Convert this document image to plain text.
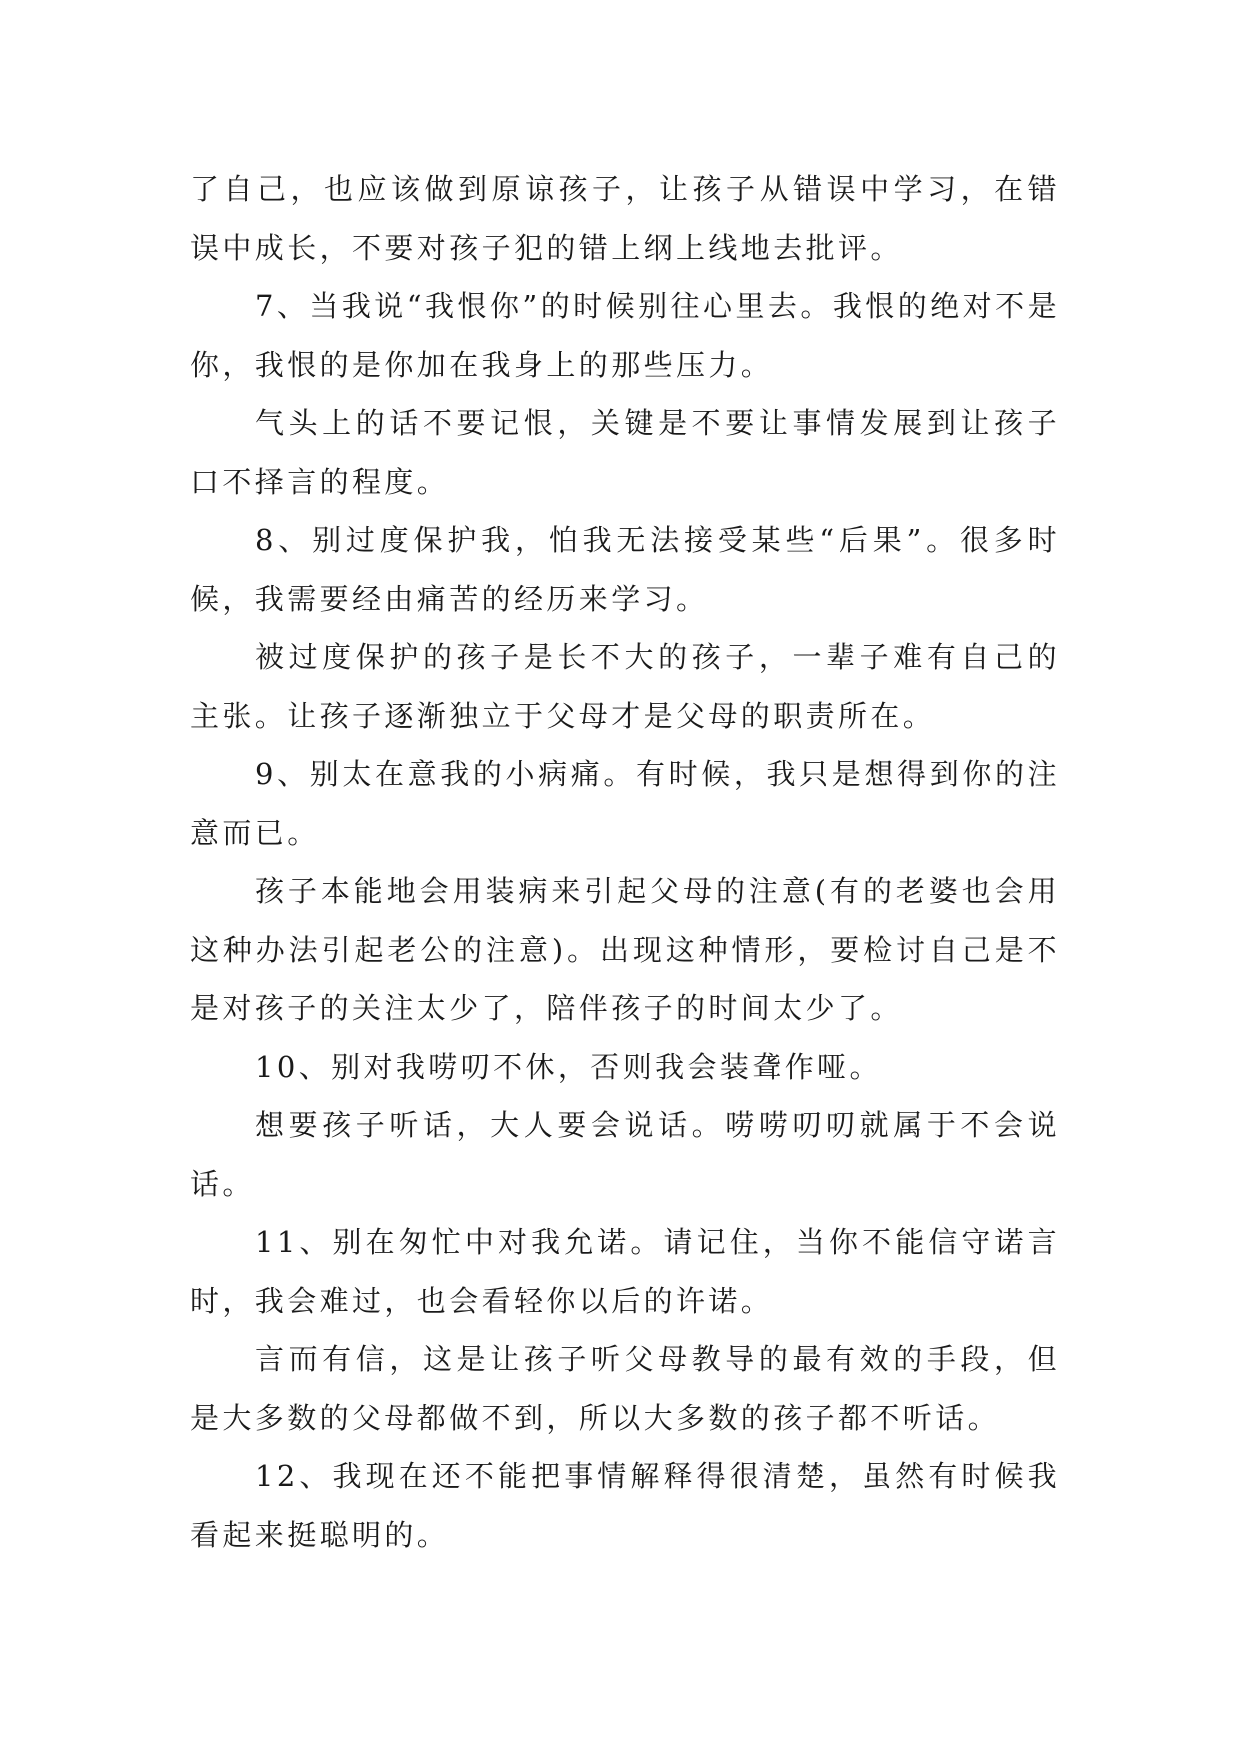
了自己，也应该做到原谅孩子，让孩子从错误中学习，在错误中成长，不要对孩子犯的错上纲上线地去批评。

7、当我说“我恨你”的时候别往心里去。我恨的绝对不是你，我恨的是你加在我身上的那些压力。

气头上的话不要记恨，关键是不要让事情发展到让孩子口不择言的程度。

8、别过度保护我，怕我无法接受某些“后果”。很多时候，我需要经由痛苦的经历来学习。

被过度保护的孩子是长不大的孩子，一辈子难有自己的主张。让孩子逐渐独立于父母才是父母的职责所在。

9、别太在意我的小病痛。有时候，我只是想得到你的注意而已。

孩子本能地会用装病来引起父母的注意(有的老婆也会用这种办法引起老公的注意)。出现这种情形，要检讨自己是不是对孩子的关注太少了，陪伴孩子的时间太少了。

10、别对我唠叨不休，否则我会装聋作哑。

想要孩子听话，大人要会说话。唠唠叨叨就属于不会说话。

11、别在匆忙中对我允诺。请记住，当你不能信守诺言时，我会难过，也会看轻你以后的许诺。

言而有信，这是让孩子听父母教导的最有效的手段，但是大多数的父母都做不到，所以大多数的孩子都不听话。

12、我现在还不能把事情解释得很清楚，虽然有时候我看起来挺聪明的。
